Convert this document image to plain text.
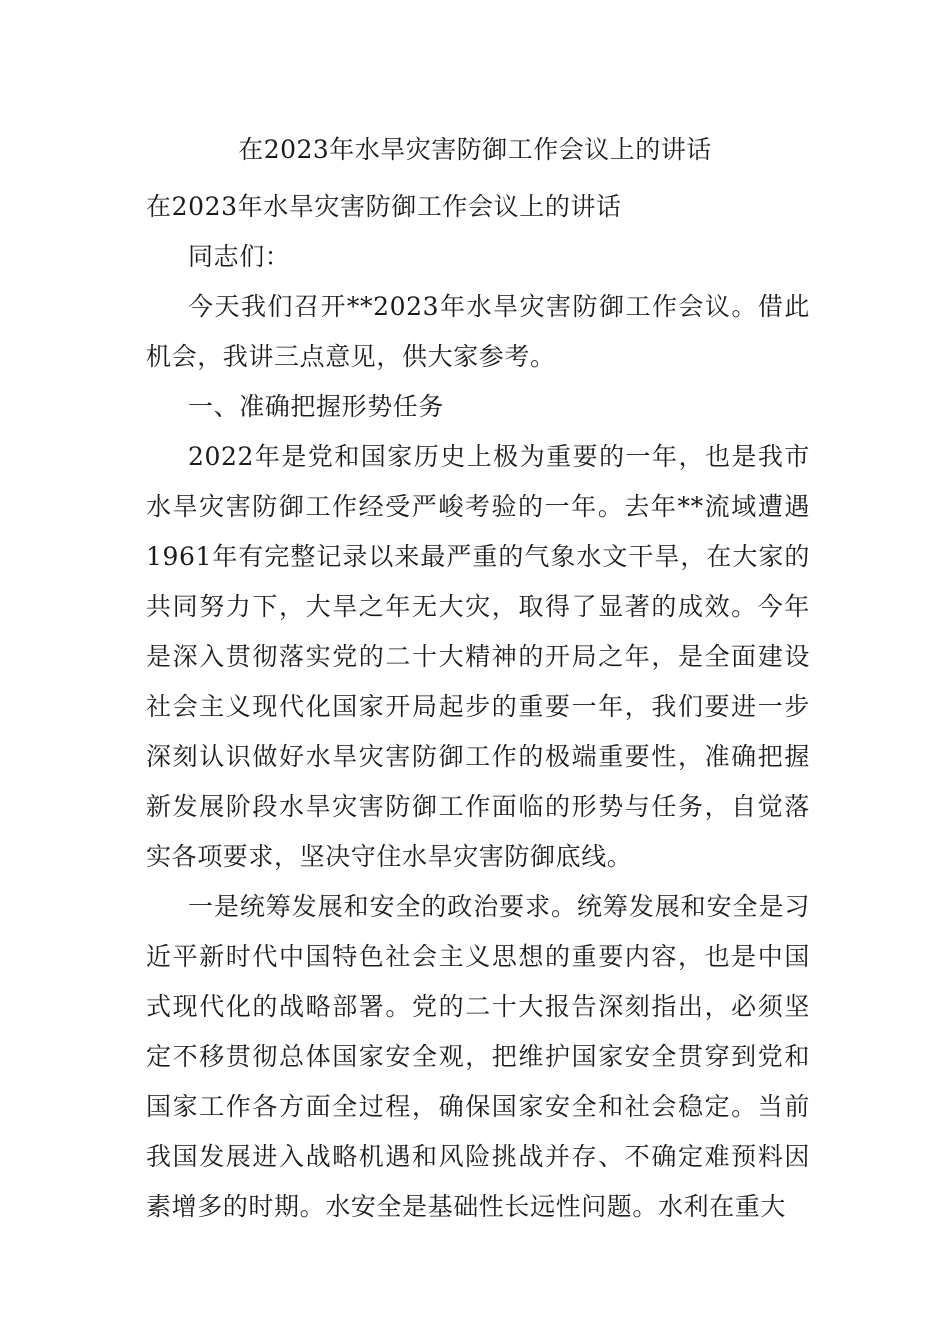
在2023年水旱灾害防御工作会议上的讲话

在2023年水旱灾害防御工作会议上的讲话

同志们：

今天我们召开**2023年水旱灾害防御工作会议。借此机会，我讲三点意见，供大家参考。

一、准确把握形势任务

2022年是党和国家历史上极为重要的一年，也是我市水旱灾害防御工作经受严峻考验的一年。去年**流域遭遇1961年有完整记录以来最严重的气象水文干旱，在大家的共同努力下，大旱之年无大灾，取得了显著的成效。今年是深入贯彻落实党的二十大精神的开局之年，是全面建设社会主义现代化国家开局起步的重要一年，我们要进一步深刻认识做好水旱灾害防御工作的极端重要性，准确把握新发展阶段水旱灾害防御工作面临的形势与任务，自觉落实各项要求，坚决守住水旱灾害防御底线。

一是统筹发展和安全的政治要求。统筹发展和安全是习近平新时代中国特色社会主义思想的重要内容，也是中国式现代化的战略部署。党的二十大报告深刻指出，必须坚定不移贯彻总体国家安全观，把维护国家安全贯穿到党和国家工作各方面全过程，确保国家安全和社会稳定。当前我国发展进入战略机遇和风险挑战并存、不确定难预料因素增多的时期。水安全是基础性长远性问题。水利在重大
